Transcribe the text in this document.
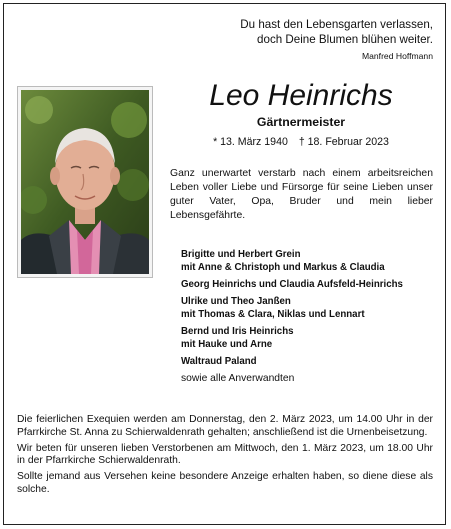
Du hast den Lebensgarten verlassen,
doch Deine Blumen blühen weiter.
Manfred Hoffmann
Leo Heinrichs
Gärtnermeister
* 13. März 1940 † 18. Februar 2023
Ganz unerwartet verstarb nach einem arbeitsreichen Leben voller Liebe und Fürsorge für seine Lieben unser guter Vater, Opa, Bruder und mein lieber Lebensgefährte.
Brigitte und Herbert Grein
mit Anne & Christoph und Markus & Claudia
Georg Heinrichs und Claudia Aufsfeld-Heinrichs
Ulrike und Theo Janßen
mit Thomas & Clara, Niklas und Lennart
Bernd und Iris Heinrichs
mit Hauke und Arne
Waltraud Paland
sowie alle Anverwandten

Die feierlichen Exequien werden am Donnerstag, den 2. März 2023, um 14.00 Uhr in der Pfarrkirche St. Anna zu Schierwaldenrath gehalten; anschließend ist die Urnenbeisetzung.

Wir beten für unseren lieben Verstorbenen am Mittwoch, den 1. März 2023, um 18.00 Uhr in der Pfarrkirche Schierwaldenrath.

Sollte jemand aus Versehen keine besondere Anzeige erhalten haben, so diene diese als solche.
